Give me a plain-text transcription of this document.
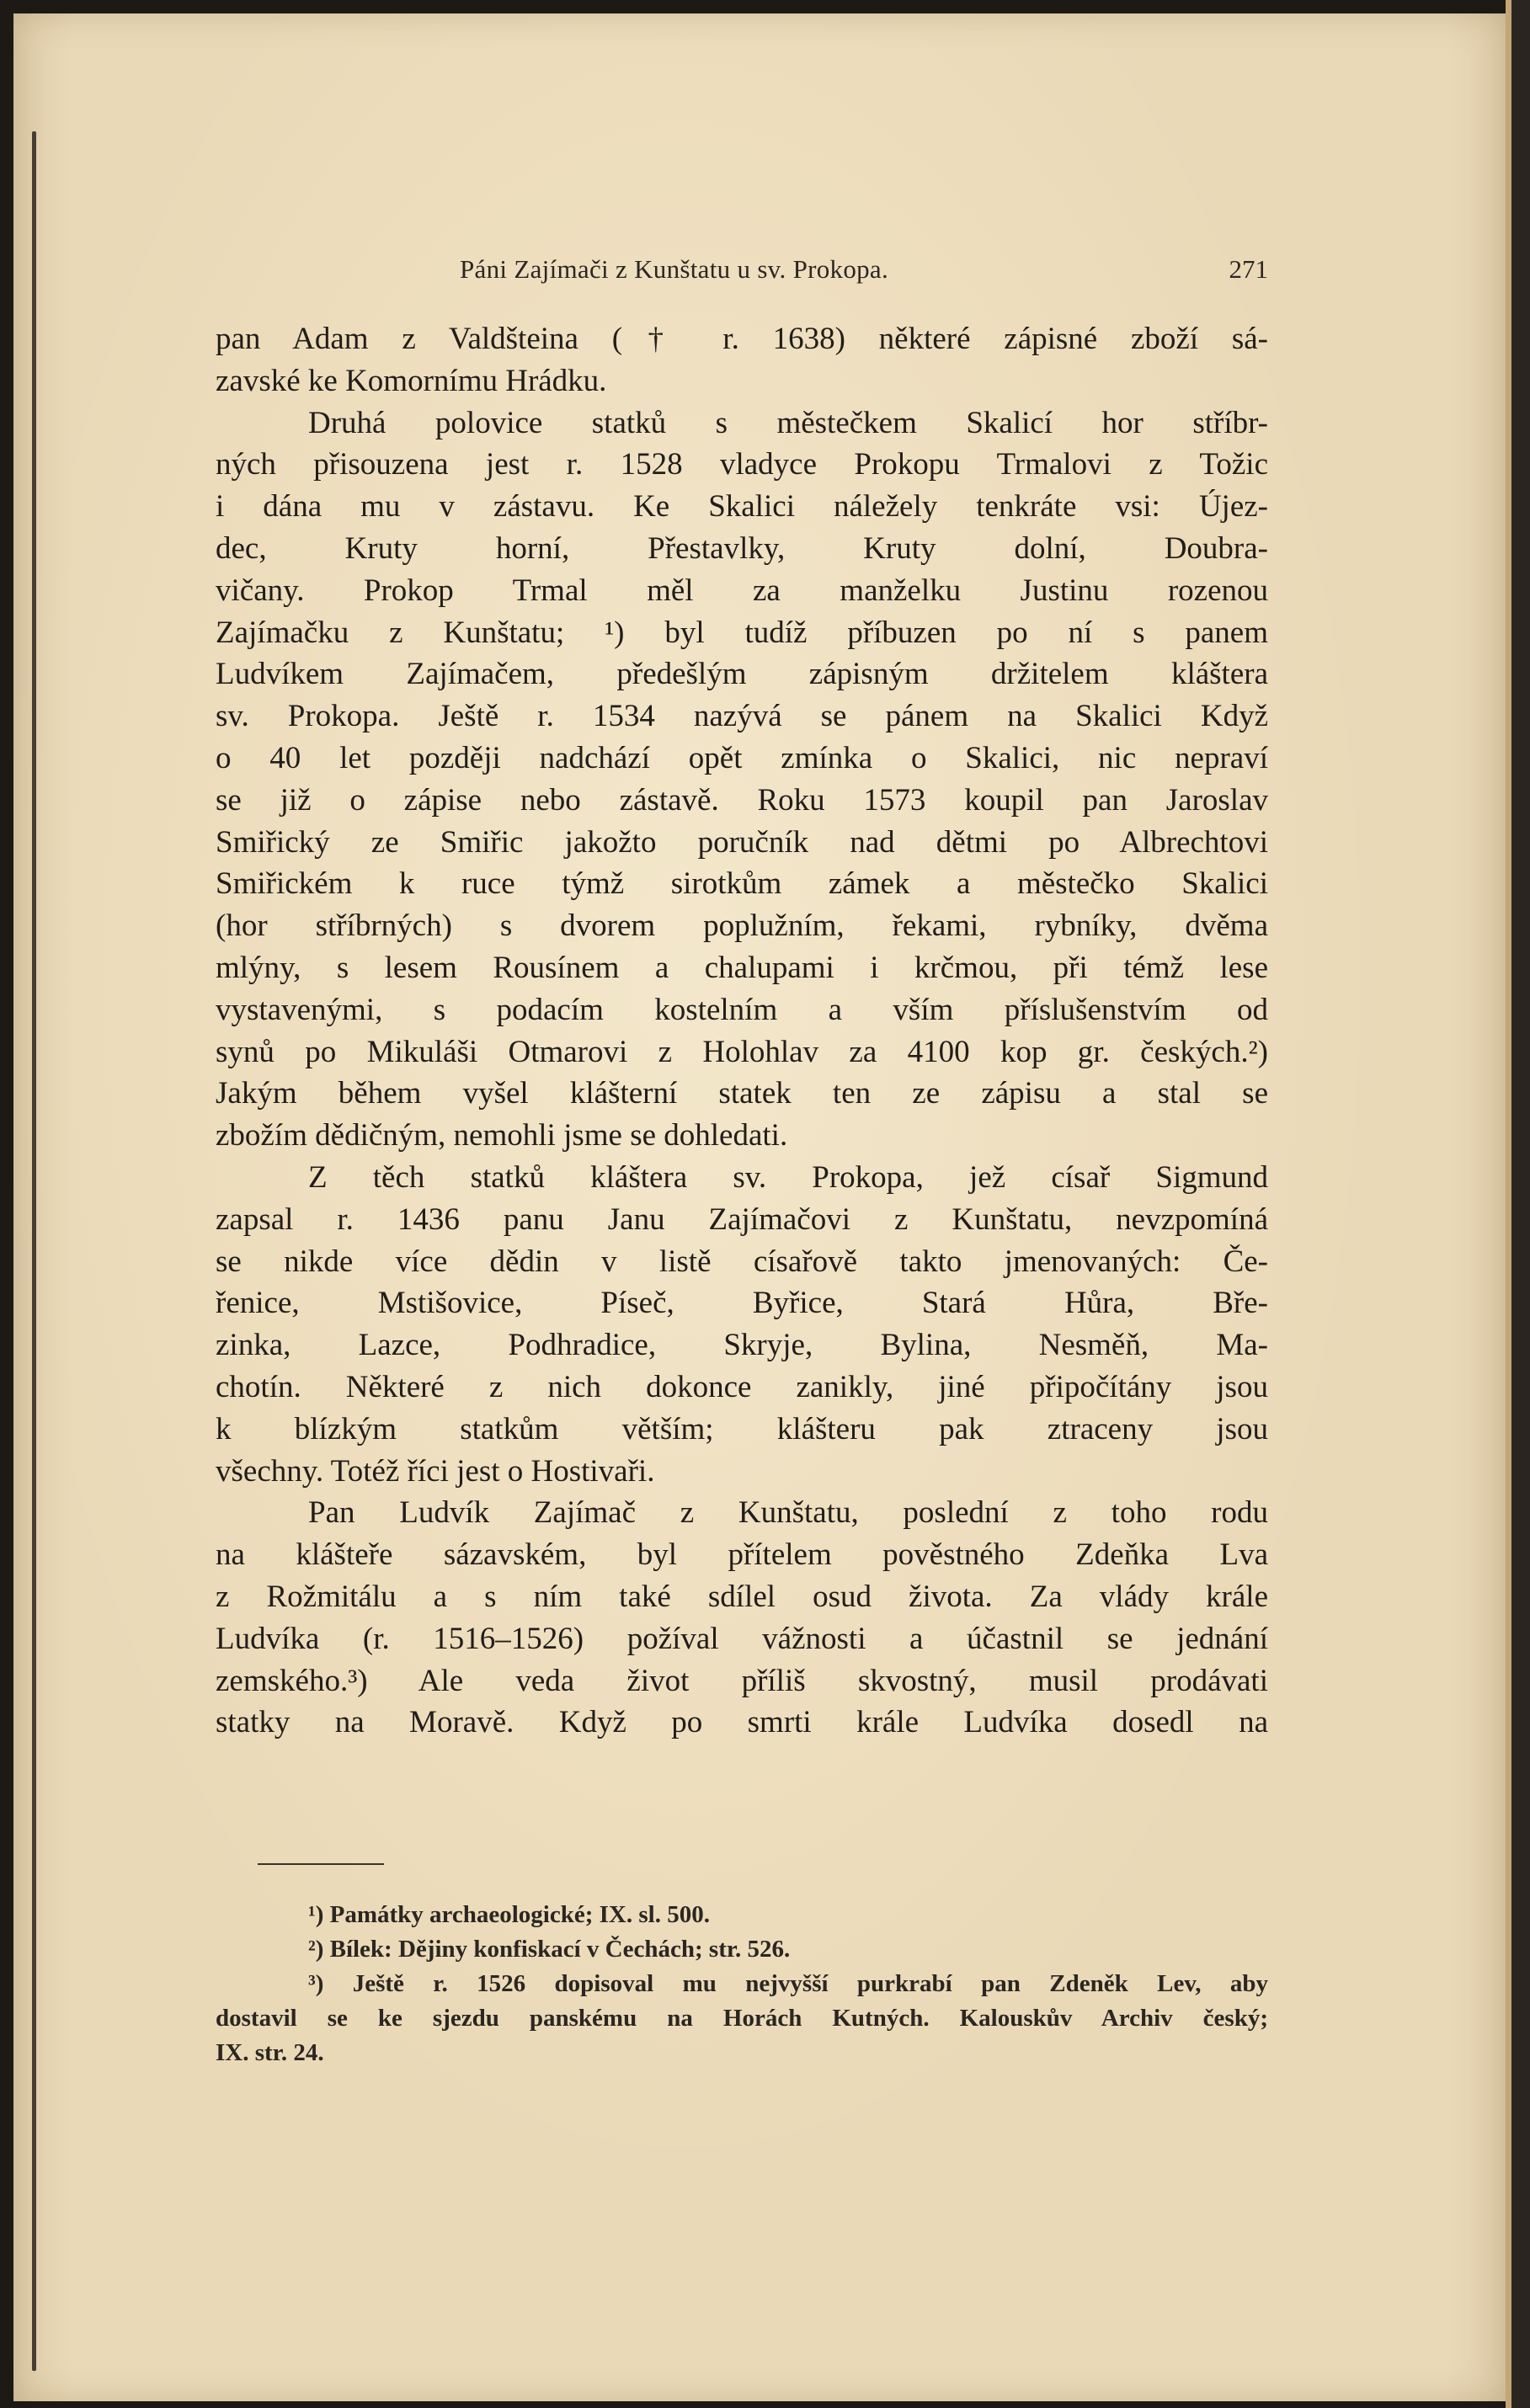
Páni Zajímači z Kunštatu u sv. Prokopa.	271
pan Adam z Valdšteina († r. 1638) některé zápisné zboží sá-
zavské ke Komornímu Hrádku.
Druhá polovice statků s městečkem Skalicí hor stříbr-
ných přisouzena jest r. 1528 vladyce Prokopu Trmalovi z Tožic
i dána mu v zástavu. Ke Skalici náležely tenkráte vsi: Újez-
dec, Kruty horní, Přestavlky, Kruty dolní, Doubra-
vičany. Prokop Trmal měl za manželku Justinu rozenou
Zajímačku z Kunštatu; ¹) byl tudíž příbuzen po ní s panem
Ludvíkem Zajímačem, předešlým zápisným držitelem kláštera
sv. Prokopa. Ještě r. 1534 nazývá se pánem na Skalici Když
o 40 let později nadchází opět zmínka o Skalici, nic nepraví
se již o zápise nebo zástavě. Roku 1573 koupil pan Jaroslav
Smiřický ze Smiřic jakožto poručník nad dětmi po Albrechtovi
Smiřickém k ruce týmž sirotkům zámek a městečko Skalici
(hor stříbrných) s dvorem poplužním, řekami, rybníky, dvěma
mlýny, s lesem Rousínem a chalupami i krčmou, při témž lese
vystavenými, s podacím kostelním a vším příslušenstvím od
synů po Mikuláši Otmarovi z Holohlav za 4100 kop gr. českých.²)
Jakým během vyšel klášterní statek ten ze zápisu a stal se
zbožím dědičným, nemohli jsme se dohledati.
Z těch statků kláštera sv. Prokopa, jež císař Sigmund
zapsal r. 1436 panu Janu Zajímačovi z Kunštatu, nevzpomíná
se nikde více dědin v listě císařově takto jmenovaných: Če-
řenice, Mstišovice, Píseč, Byřice, Stará Hůra, Bře-
zinka, Lazce, Podhradice, Skryje, Bylina, Nesměň, Ma-
chotín. Některé z nich dokonce zanikly, jiné připočítány jsou
k blízkým statkům větším; klášteru pak ztraceny jsou
všechny. Totéž říci jest o Hostivaři.
Pan Ludvík Zajímač z Kunštatu, poslední z toho rodu
na klášteře sázavském, byl přítelem pověstného Zdeňka Lva
z Rožmitálu a s ním také sdílel osud života. Za vlády krále
Ludvíka (r. 1516–1526) požíval vážnosti a účastnil se jednání
zemského.³) Ale veda život příliš skvostný, musil prodávati
statky na Moravě. Když po smrti krále Ludvíka dosedl na
¹) Památky archaeologické; IX. sl. 500.
²) Bílek: Dějiny konfiskací v Čechách; str. 526.
³) Ještě r. 1526 dopisoval mu nejvyšší purkrabí pan Zdeněk Lev, aby
dostavil se ke sjezdu panskému na Horách Kutných. Kalouskův Archiv český;
IX. str. 24.
